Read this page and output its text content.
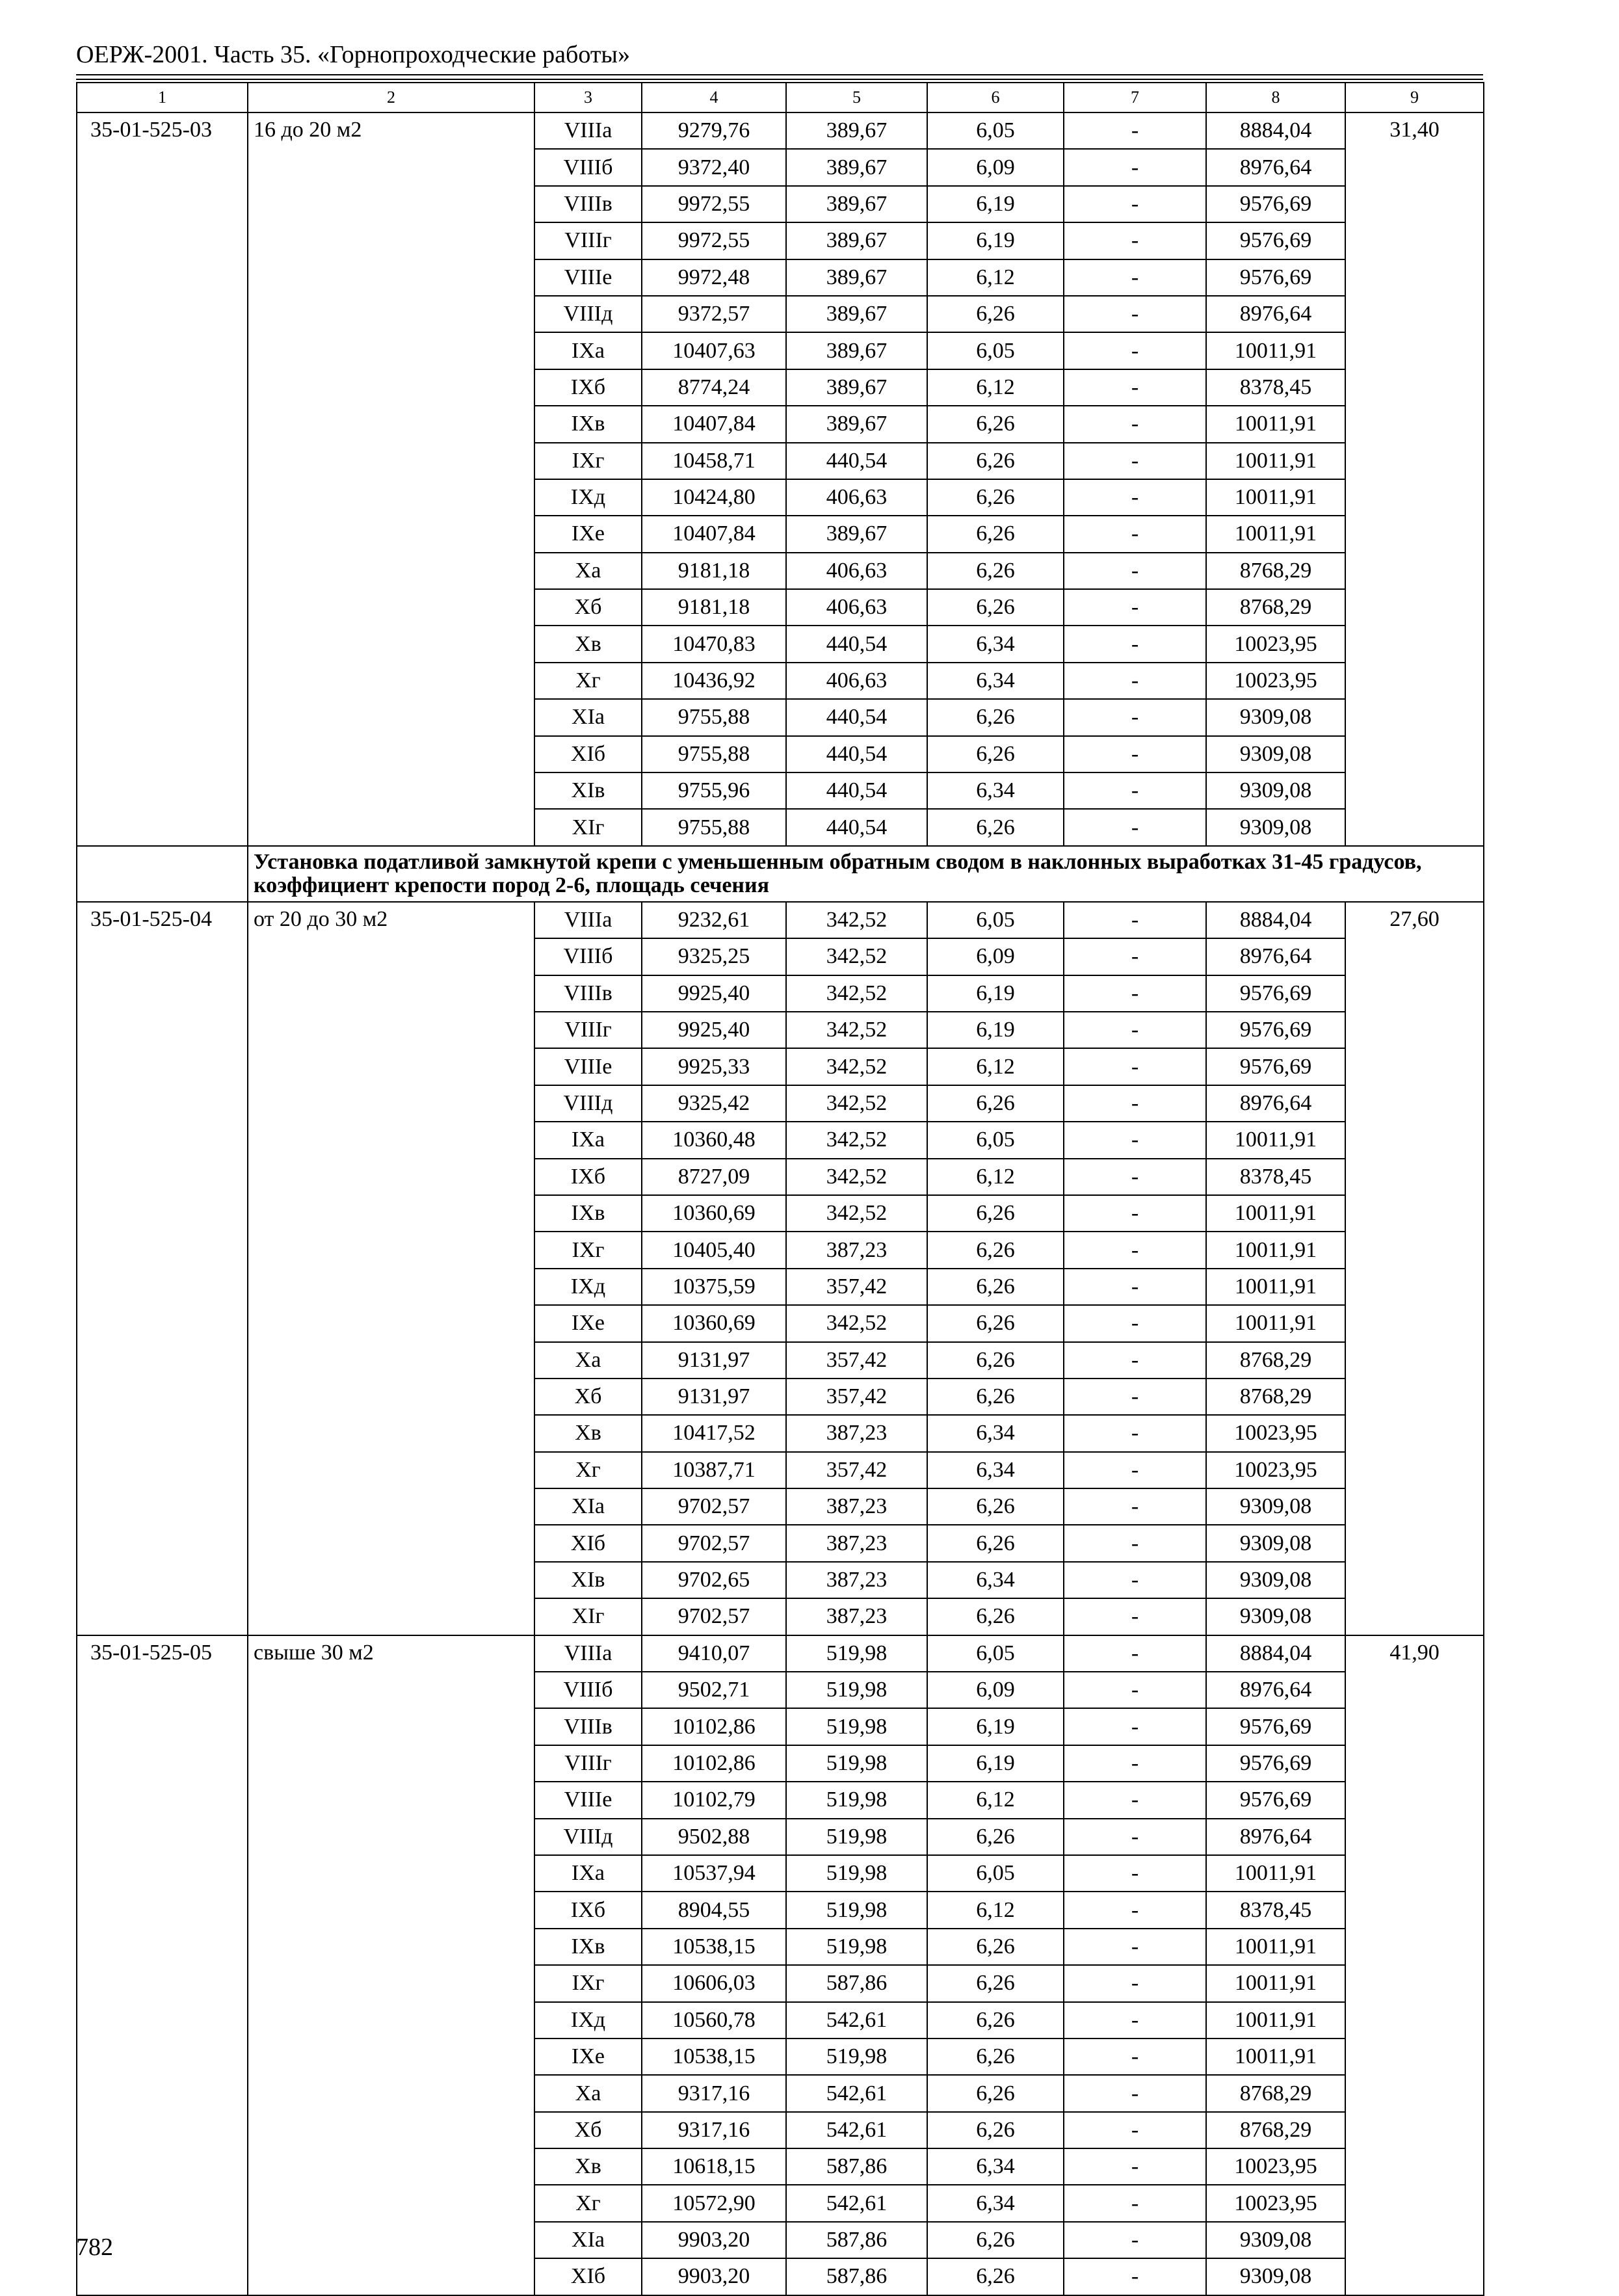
ОЕРЖ-2001. Часть 35. «Горнопроходческие работы»
1	2	3	4	5	6	7	8	9
35-01-525-03	16 до 20 м2	VIIIа	9279,76	389,67	6,05	-	8884,04	31,40
		VIIIб	9372,40	389,67	6,09	-	8976,64	
		VIIIв	9972,55	389,67	6,19	-	9576,69	
		VIIIг	9972,55	389,67	6,19	-	9576,69	
		VIIIе	9972,48	389,67	6,12	-	9576,69	
		VIIIд	9372,57	389,67	6,26	-	8976,64	
		IXа	10407,63	389,67	6,05	-	10011,91	
		IXб	8774,24	389,67	6,12	-	8378,45	
		IXв	10407,84	389,67	6,26	-	10011,91	
		IXг	10458,71	440,54	6,26	-	10011,91	
		IXд	10424,80	406,63	6,26	-	10011,91	
		IXе	10407,84	389,67	6,26	-	10011,91	
		Xа	9181,18	406,63	6,26	-	8768,29	
		Xб	9181,18	406,63	6,26	-	8768,29	
		Xв	10470,83	440,54	6,34	-	10023,95	
		Xг	10436,92	406,63	6,34	-	10023,95	
		XIа	9755,88	440,54	6,26	-	9309,08	
		XIб	9755,88	440,54	6,26	-	9309,08	
		XIв	9755,96	440,54	6,34	-	9309,08	
		XIг	9755,88	440,54	6,26	-	9309,08	
	Установка податливой замкнутой крепи с уменьшенным обратным сводом в наклонных выработках 31-45 градусов, коэффициент крепости пород 2-6, площадь сечения							
35-01-525-04	от 20 до 30 м2	VIIIа	9232,61	342,52	6,05	-	8884,04	27,60
		VIIIб	9325,25	342,52	6,09	-	8976,64	
		VIIIв	9925,40	342,52	6,19	-	9576,69	
		VIIIг	9925,40	342,52	6,19	-	9576,69	
		VIIIе	9925,33	342,52	6,12	-	9576,69	
		VIIIд	9325,42	342,52	6,26	-	8976,64	
		IXа	10360,48	342,52	6,05	-	10011,91	
		IXб	8727,09	342,52	6,12	-	8378,45	
		IXв	10360,69	342,52	6,26	-	10011,91	
		IXг	10405,40	387,23	6,26	-	10011,91	
		IXд	10375,59	357,42	6,26	-	10011,91	
		IXе	10360,69	342,52	6,26	-	10011,91	
		Xа	9131,97	357,42	6,26	-	8768,29	
		Xб	9131,97	357,42	6,26	-	8768,29	
		Xв	10417,52	387,23	6,34	-	10023,95	
		Xг	10387,71	357,42	6,34	-	10023,95	
		XIа	9702,57	387,23	6,26	-	9309,08	
		XIб	9702,57	387,23	6,26	-	9309,08	
		XIв	9702,65	387,23	6,34	-	9309,08	
		XIг	9702,57	387,23	6,26	-	9309,08	
35-01-525-05	свыше 30 м2	VIIIа	9410,07	519,98	6,05	-	8884,04	41,90
		VIIIб	9502,71	519,98	6,09	-	8976,64	
		VIIIв	10102,86	519,98	6,19	-	9576,69	
		VIIIг	10102,86	519,98	6,19	-	9576,69	
		VIIIе	10102,79	519,98	6,12	-	9576,69	
		VIIIд	9502,88	519,98	6,26	-	8976,64	
		IXа	10537,94	519,98	6,05	-	10011,91	
		IXб	8904,55	519,98	6,12	-	8378,45	
		IXв	10538,15	519,98	6,26	-	10011,91	
		IXг	10606,03	587,86	6,26	-	10011,91	
		IXд	10560,78	542,61	6,26	-	10011,91	
		IXе	10538,15	519,98	6,26	-	10011,91	
		Xа	9317,16	542,61	6,26	-	8768,29	
		Xб	9317,16	542,61	6,26	-	8768,29	
		Xв	10618,15	587,86	6,34	-	10023,95	
		Xг	10572,90	542,61	6,34	-	10023,95	
		XIа	9903,20	587,86	6,26	-	9309,08	
		XIб	9903,20	587,86	6,26	-	9309,08	
782
